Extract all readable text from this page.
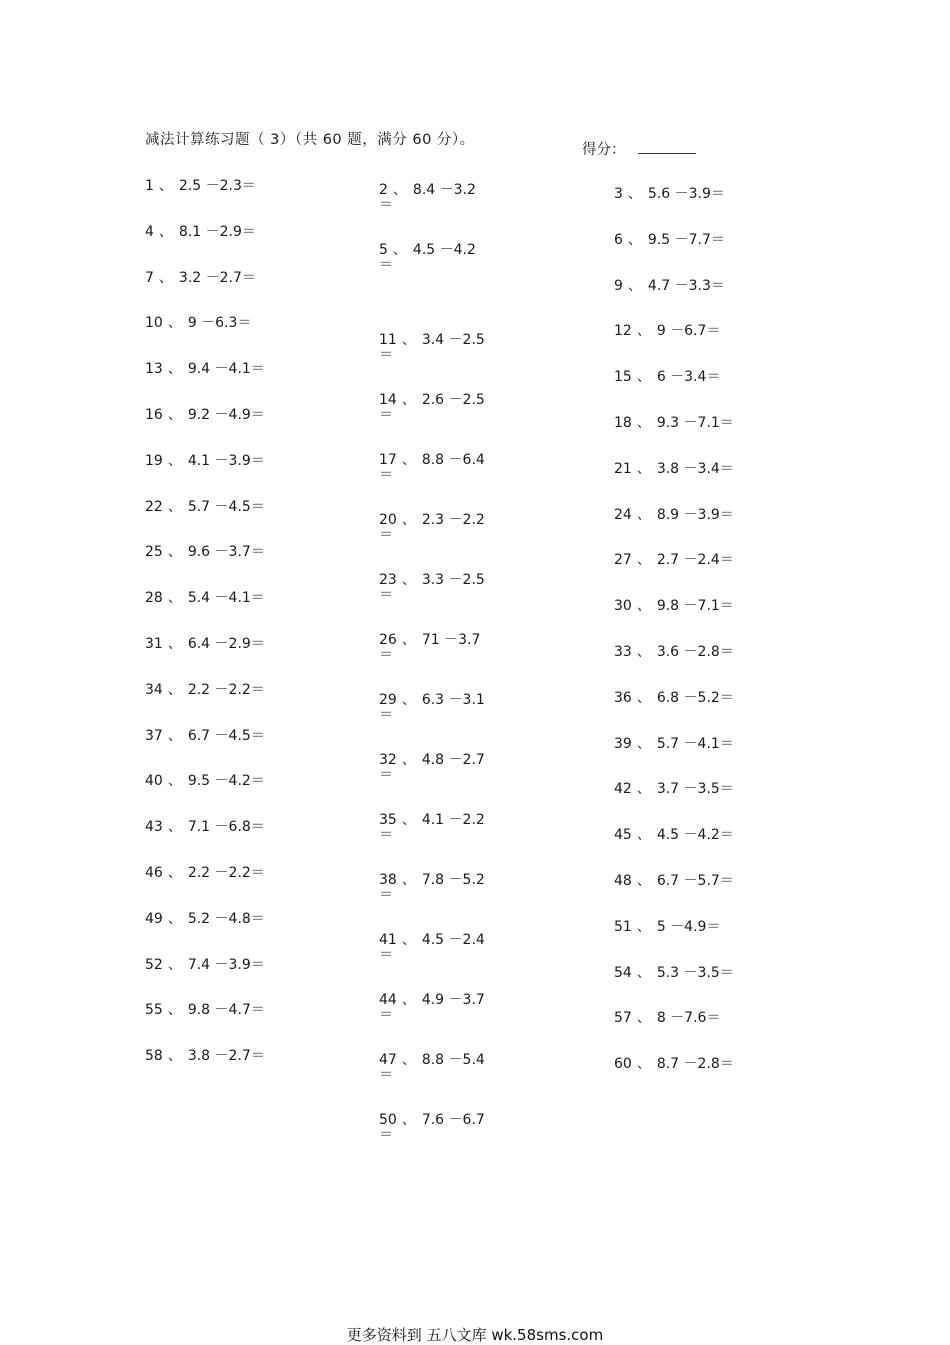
减法计算练习题（ 3）（共 60 题，满分 60 分）。
得分：
1 、 2.5 －2.3＝
4 、 8.1 －2.9＝
7 、 3.2 －2.7＝
10 、 9 －6.3＝
13 、 9.4 －4.1＝
16 、 9.2 －4.9＝
19 、 4.1 －3.9＝
22 、 5.7 －4.5＝
25 、 9.6 －3.7＝
28 、 5.4 －4.1＝
31 、 6.4 －2.9＝
34 、 2.2 －2.2＝
37 、 6.7 －4.5＝
40 、 9.5 －4.2＝
43 、 7.1 －6.8＝
46 、 2.2 －2.2＝
49 、 5.2 －4.8＝
52 、 7.4 －3.9＝
55 、 9.8 －4.7＝
58 、 3.8 －2.7＝
2 、 8.4 －3.2
＝
5 、 4.5 －4.2
＝
11 、 3.4 －2.5
＝
14 、 2.6 －2.5
＝
17 、 8.8 －6.4
＝
20 、 2.3 －2.2
＝
23 、 3.3 －2.5
＝
26 、 71 －3.7
＝
29 、 6.3 －3.1
＝
32 、 4.8 －2.7
＝
35 、 4.1 －2.2
＝
38 、 7.8 －5.2
＝
41 、 4.5 －2.4
＝
44 、 4.9 －3.7
＝
47 、 8.8 －5.4
＝
50 、 7.6 －6.7
＝
3 、 5.6 －3.9＝
6 、 9.5 －7.7＝
9 、 4.7 －3.3＝
12 、 9 －6.7＝
15 、 6 －3.4＝
18 、 9.3 －7.1＝
21 、 3.8 －3.4＝
24 、 8.9 －3.9＝
27 、 2.7 －2.4＝
30 、 9.8 －7.1＝
33 、 3.6 －2.8＝
36 、 6.8 －5.2＝
39 、 5.7 －4.1＝
42 、 3.7 －3.5＝
45 、 4.5 －4.2＝
48 、 6.7 －5.7＝
51 、 5 －4.9＝
54 、 5.3 －3.5＝
57 、 8 －7.6＝
60 、 8.7 －2.8＝
更多资料到 五八文库 wk.58sms.com
